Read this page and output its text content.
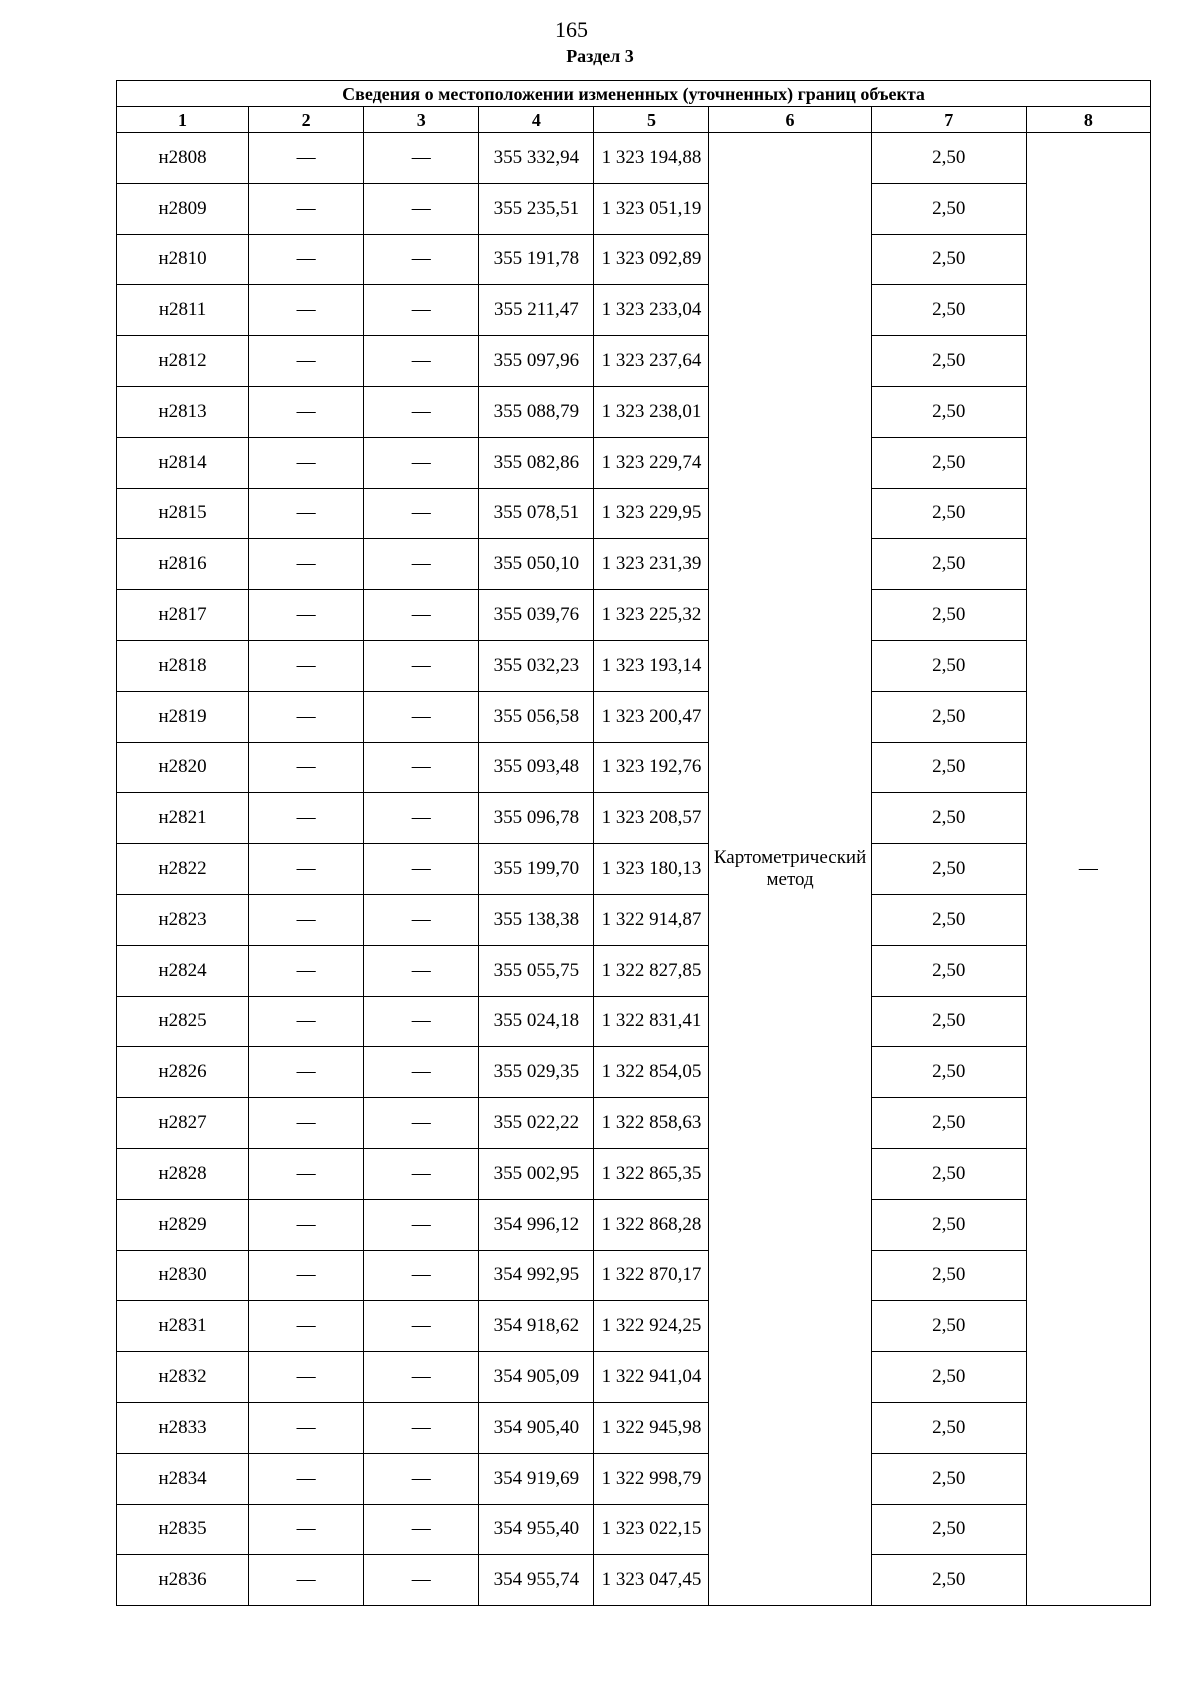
165
Раздел 3
Сведения о местоположении измененных (уточненных) границ объекта							
1	2	3	4	5	6	7	8
н2808	—	—	355 332,94	1 323 194,88	Картометрический метод	2,50	—
н2809	—	—	355 235,51	1 323 051,19		2,50	
н2810	—	—	355 191,78	1 323 092,89		2,50	
н2811	—	—	355 211,47	1 323 233,04		2,50	
н2812	—	—	355 097,96	1 323 237,64		2,50	
н2813	—	—	355 088,79	1 323 238,01		2,50	
н2814	—	—	355 082,86	1 323 229,74		2,50	
н2815	—	—	355 078,51	1 323 229,95		2,50	
н2816	—	—	355 050,10	1 323 231,39		2,50	
н2817	—	—	355 039,76	1 323 225,32		2,50	
н2818	—	—	355 032,23	1 323 193,14		2,50	
н2819	—	—	355 056,58	1 323 200,47		2,50	
н2820	—	—	355 093,48	1 323 192,76		2,50	
н2821	—	—	355 096,78	1 323 208,57		2,50	
н2822	—	—	355 199,70	1 323 180,13		2,50	
н2823	—	—	355 138,38	1 322 914,87		2,50	
н2824	—	—	355 055,75	1 322 827,85		2,50	
н2825	—	—	355 024,18	1 322 831,41		2,50	
н2826	—	—	355 029,35	1 322 854,05		2,50	
н2827	—	—	355 022,22	1 322 858,63		2,50	
н2828	—	—	355 002,95	1 322 865,35		2,50	
н2829	—	—	354 996,12	1 322 868,28		2,50	
н2830	—	—	354 992,95	1 322 870,17		2,50	
н2831	—	—	354 918,62	1 322 924,25		2,50	
н2832	—	—	354 905,09	1 322 941,04		2,50	
н2833	—	—	354 905,40	1 322 945,98		2,50	
н2834	—	—	354 919,69	1 322 998,79		2,50	
н2835	—	—	354 955,40	1 323 022,15		2,50	
н2836	—	—	354 955,74	1 323 047,45		2,50	
